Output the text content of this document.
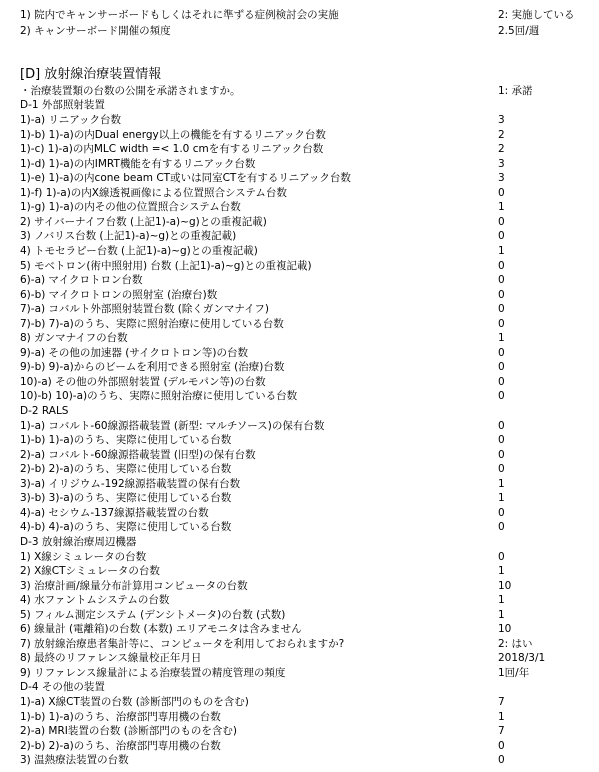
1) 院内でキャンサーボードもしくはそれに準ずる症例検討会の実施	2: 実施している
2) キャンサーボード開催の頻度	2.5回/週
[D] 放射線治療装置情報
・治療装置類の台数の公開を承諾されますか。	1: 承諾
D-1 外部照射装置
1)-a) リニアック台数	3
1)-b) 1)-a)の内Dual energy以上の機能を有するリニアック台数	2
1)-c) 1)-a)の内MLC width =< 1.0 cmを有するリニアック台数	2
1)-d) 1)-a)の内IMRT機能を有するリニアック台数	3
1)-e) 1)-a)の内cone beam CT或いは同室CTを有するリニアック台数	3
1)-f) 1)-a)の内X線透視画像による位置照合システム台数	0
1)-g) 1)-a)の内その他の位置照合システム台数	1
2) サイバーナイフ台数 (上記1)-a)~g)との重複記載)	0
3) ノバリス台数 (上記1)-a)~g)との重複記載)	0
4) トモセラピー台数 (上記1)-a)~g)との重複記載)	1
5) モベトロン(術中照射用) 台数 (上記1)-a)~g)との重複記載)	0
6)-a) マイクロトロン台数	0
6)-b) マイクロトロンの照射室 (治療台)数	0
7)-a) コバルト外部照射装置台数 (除くガンマナイフ)	0
7)-b) 7)-a)のうち、実際に照射治療に使用している台数	0
8) ガンマナイフの台数	1
9)-a) その他の加速器 (サイクロトロン等)の台数	0
9)-b) 9)-a)からのビームを利用できる照射室 (治療)台数	0
10)-a) その他の外部照射装置 (デルモパン等)の台数	0
10)-b) 10)-a)のうち、実際に照射治療に使用している台数	0
D-2 RALS
1)-a) コバルト-60線源搭載装置 (新型: マルチソース)の保有台数	0
1)-b) 1)-a)のうち、実際に使用している台数	0
2)-a) コバルト-60線源搭載装置 (旧型)の保有台数	0
2)-b) 2)-a)のうち、実際に使用している台数	0
3)-a) イリジウム-192線源搭載装置の保有台数	1
3)-b) 3)-a)のうち、実際に使用している台数	1
4)-a) セシウム-137線源搭載装置の台数	0
4)-b) 4)-a)のうち、実際に使用している台数	0
D-3 放射線治療周辺機器
1) X線シミュレータの台数	0
2) X線CTシミュレータの台数	1
3) 治療計画/線量分布計算用コンピュータの台数	10
4) 水ファントムシステムの台数	1
5) フィルム測定システム (デンシトメータ)の台数 (式数)	1
6) 線量計 (電離箱)の台数 (本数) エリアモニタは含みません	10
7) 放射線治療患者集計等に、コンピュータを利用しておられますか?	2: はい
8) 最終のリファレンス線量校正年月日	2018/3/1
9) リファレンス線量計による治療装置の精度管理の頻度	1回/年
D-4 その他の装置
1)-a) X線CT装置の台数 (診断部門のものを含む)	7
1)-b) 1)-a)のうち、治療部門専用機の台数	1
2)-a) MRI装置の台数 (診断部門のものを含む)	7
2)-b) 2)-a)のうち、治療部門専用機の台数	0
3) 温熱療法装置の台数	0
